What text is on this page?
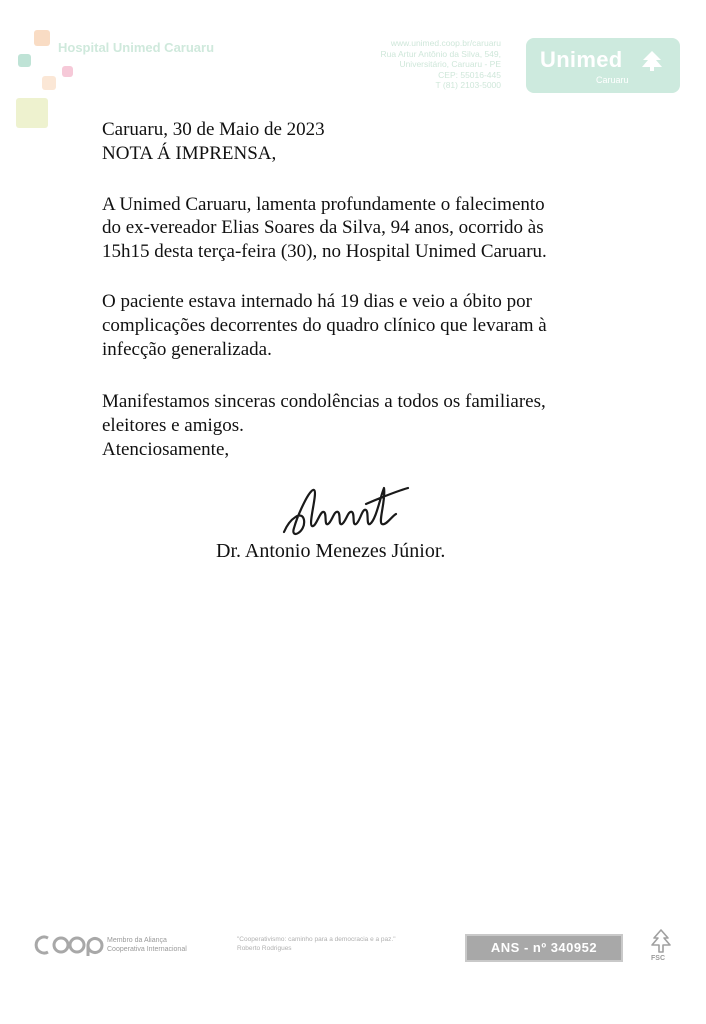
Hospital Unimed Caruaru	www.unimed.coop.br/caruaru
Rua Artur Antônio da Silva, 549,
Universitário, Caruaru - PE
CEP: 55016-445
T (81) 2103-5000
Unimed
Caruaru

Caruaru, 30 de Maio de 2023

NOTA Á IMPRENSA,

A Unimed Caruaru, lamenta profundamente o falecimento

do ex-vereador Elias Soares da Silva, 94 anos, ocorrido às

15h15 desta terça-feira (30), no Hospital Unimed Caruaru.

O paciente estava internado há 19 dias e veio a óbito por

complicações decorrentes do quadro clínico que levaram à

infecção generalizada.

Manifestamos sinceras condolências a todos os familiares,

eleitores e amigos.

Atenciosamente,

Dr. Antonio Menezes Júnior.

Membro da Aliança
Cooperativa Internacional
"Cooperativismo: caminho para a democracia e a paz."
Roberto Rodrigues	ANS - nº 340952
FSC
